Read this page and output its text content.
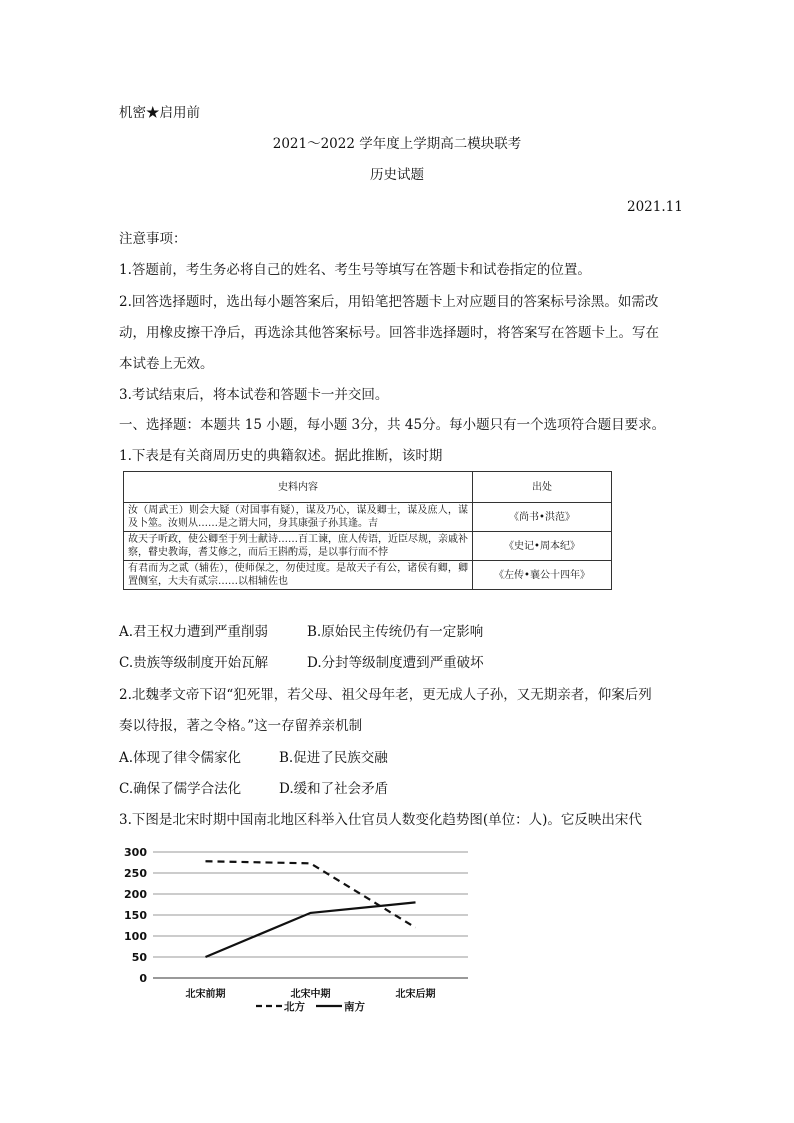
机密★启用前
2021～2022 学年度上学期高二模块联考
历史试题
2021.11
注意事项：
1.答题前，考生务必将自己的姓名、考生号等填写在答题卡和试卷指定的位置。
2.回答选择题时，选出每小题答案后，用铅笔把答题卡上对应题目的答案标号涂黑。如需改
动，用橡皮擦干净后，再选涂其他答案标号。回答非选择题时，将答案写在答题卡上。写在
本试卷上无效。
3.考试结束后，将本试卷和答题卡一并交回。
一、选择题：本题共 15 小题，每小题 3分，共 45分。每小题只有一个选项符合题目要求。
1.下表是有关商周历史的典籍叙述。据此推断，该时期
史料内容	出处
汝（周武王）则会大疑（对国事有疑），谋及乃心，谋及卿士，谋及庶人，谋及卜筮。汝则从……是之谓大同，身其康强子孙其逢。吉	《尚书•洪范》
故天子听政，使公卿至于列士献诗……百工谏，庶人传语，近臣尽规，亲戚补察，瞽史教诲，耆艾修之，而后王斟酌焉，是以事行而不悖	《史记•周本纪》
有君而为之贰（辅佐），使师保之，勿使过度。是故天子有公，诸侯有卿，卿置侧室，大夫有贰宗……以相辅佐也	《左传•襄公十四年》
A.君王权力遭到严重削弱	B.原始民主传统仍有一定影响
C.贵族等级制度开始瓦解	D.分封等级制度遭到严重破坏
2.北魏孝文帝下诏“犯死罪，若父母、祖父母年老，更无成人子孙，又无期亲者，仰案后列
奏以待报，著之令格。”这一存留养亲机制
A.体现了律令儒家化	B.促进了民族交融
C.确保了儒学合法化	D.缓和了社会矛盾
3.下图是北宋时期中国南北地区科举入仕官员人数变化趋势图(单位：人)。它反映出宋代
0
50
100
150
200
250
300
北宋前期	北宋中期	北宋后期
北方	南方
